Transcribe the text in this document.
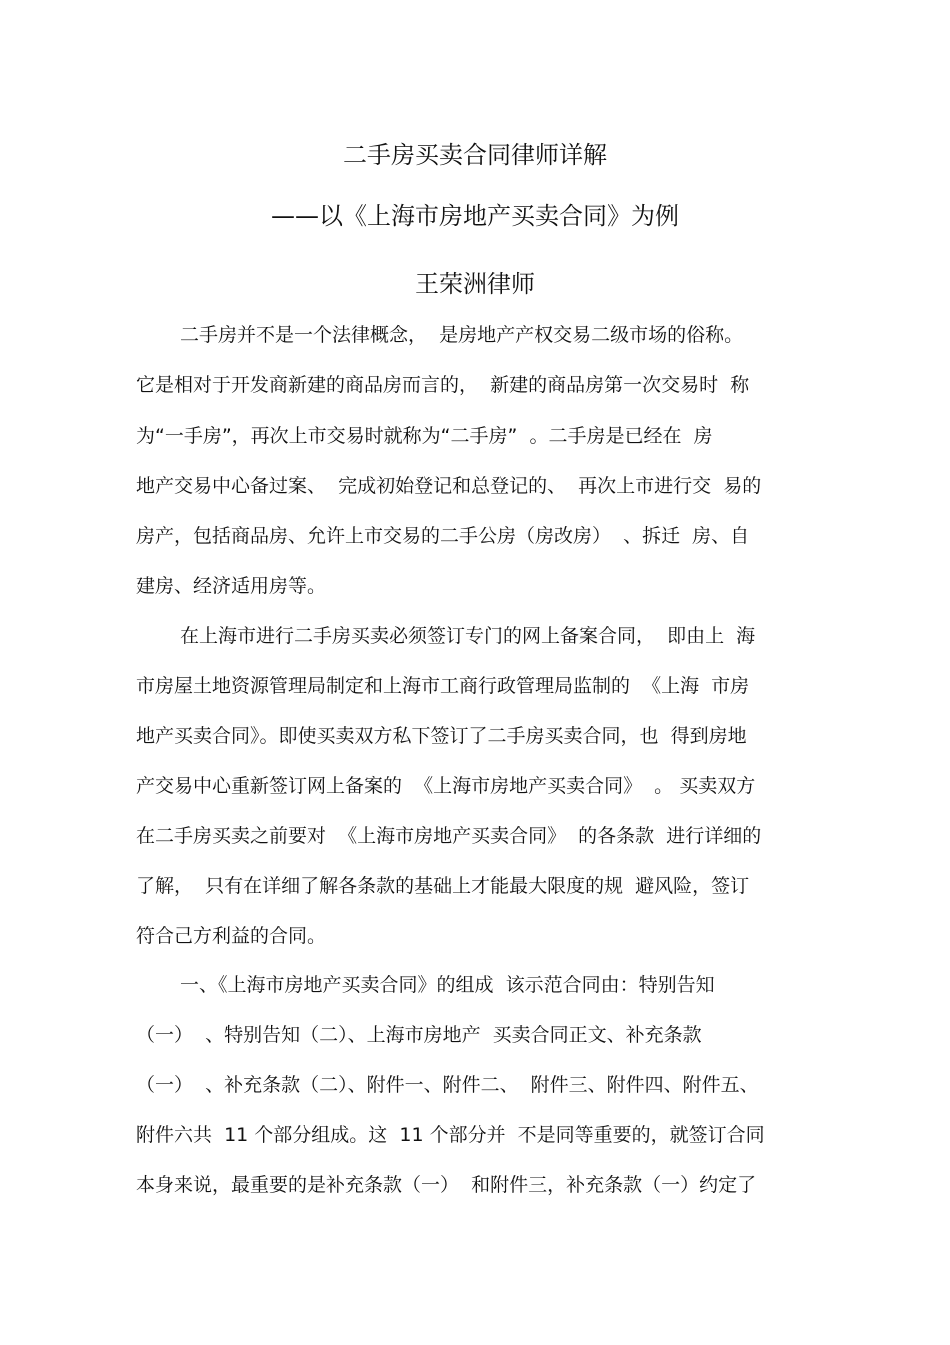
二手房买卖合同律师详解
——以《上海市房地产买卖合同》为例
王荣洲律师
二手房并不是一个法律概念，  是房地产产权交易二级市场的俗称。
它是相对于开发商新建的商品房而言的，  新建的商品房第一次交易时  称
为“一手房”，再次上市交易时就称为“二手房”  。二手房是已经在  房
地产交易中心备过案、  完成初始登记和总登记的、  再次上市进行交  易的
房产，包括商品房、允许上市交易的二手公房（房改房）  、拆迁  房、自
建房、经济适用房等。
在上海市进行二手房买卖必须签订专门的网上备案合同，  即由上  海
市房屋土地资源管理局制定和上海市工商行政管理局监制的  《上海  市房
地产买卖合同》。即使买卖双方私下签订了二手房买卖合同，也  得到房地
产交易中心重新签订网上备案的  《上海市房地产买卖合同》  。 买卖双方
在二手房买卖之前要对  《上海市房地产买卖合同》  的各条款  进行详细的
了解，  只有在详细了解各条款的基础上才能最大限度的规  避风险，签订
符合己方利益的合同。
一、《上海市房地产买卖合同》的组成  该示范合同由：特别告知
（一）  、特别告知（二）、上海市房地产  买卖合同正文、补充条款
（一）  、补充条款（二）、附件一、附件二、  附件三、附件四、附件五、
附件六共  11 个部分组成。这  11 个部分并  不是同等重要的，就签订合同
本身来说，最重要的是补充条款（一）  和附件三，补充条款（一）约定了
